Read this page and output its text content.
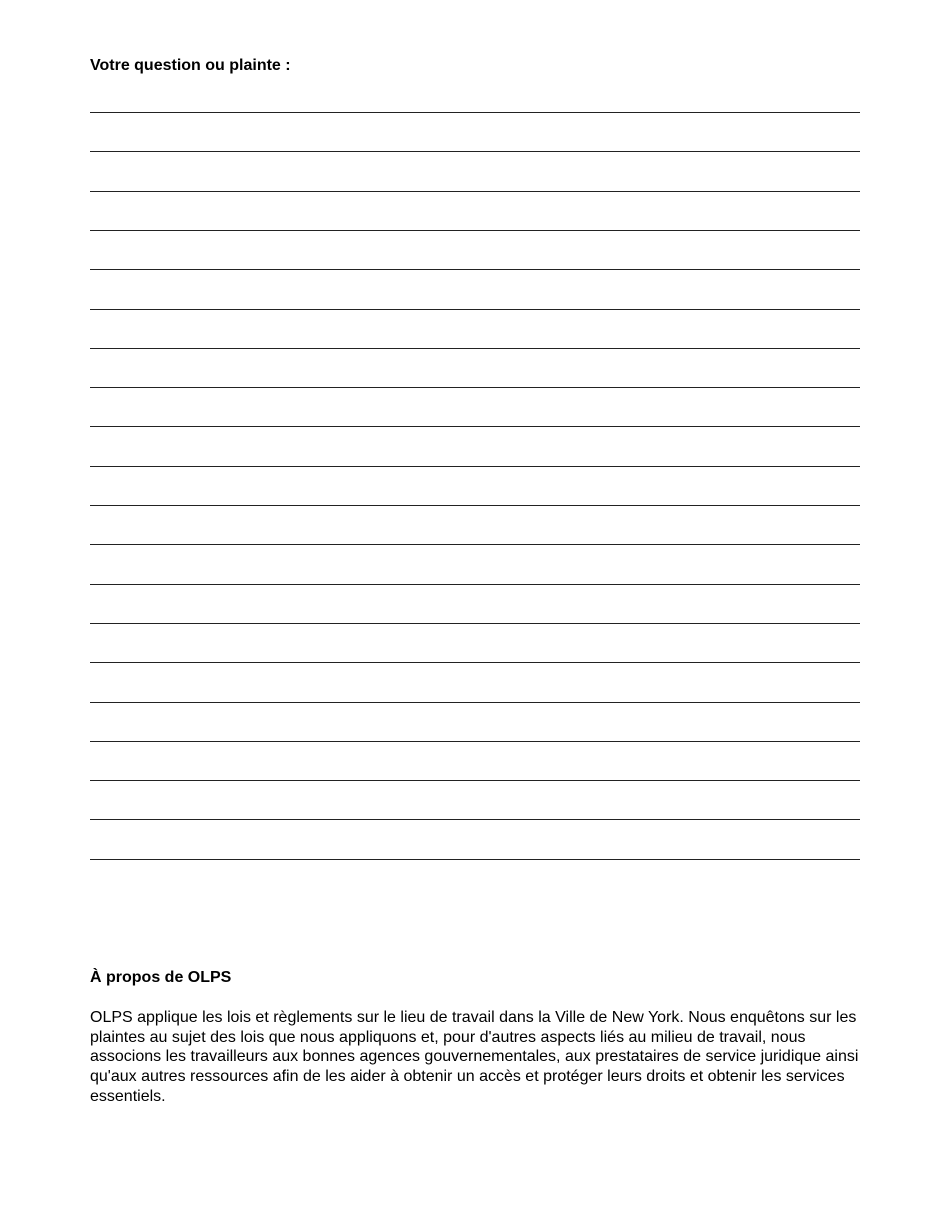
Votre question ou plainte :

À propos de OLPS

OLPS applique les lois et règlements sur le lieu de travail dans la Ville de New York. Nous enquêtons sur les plaintes au sujet des lois que nous appliquons et, pour d'autres aspects liés au milieu de travail, nous associons les travailleurs aux bonnes agences gouvernementales, aux prestataires de service juridique ainsi qu'aux autres ressources afin de les aider à obtenir un accès et protéger leurs droits et obtenir les services essentiels.
